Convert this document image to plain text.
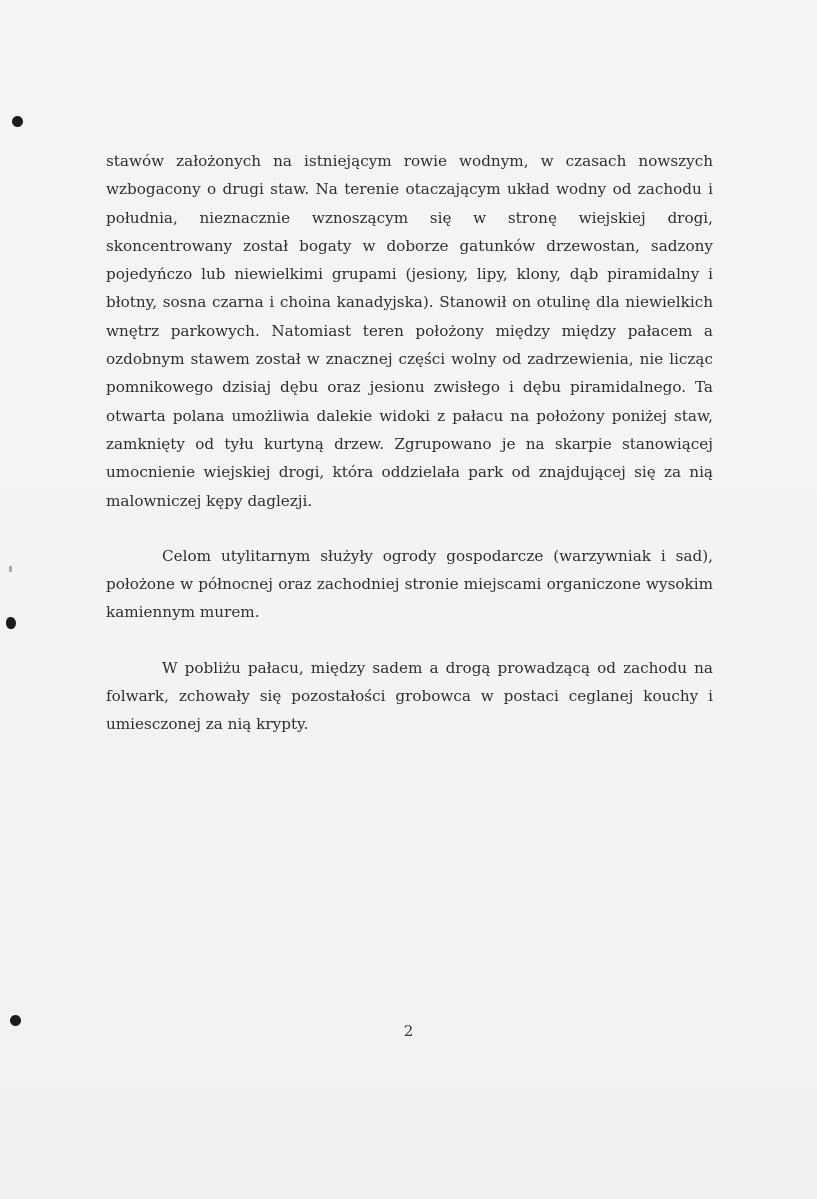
stawów założonych na istniejącym rowie wodnym, w czasach nowszych wzbogacony o drugi staw. Na terenie otaczającym układ wodny od zachodu i południa, nieznacznie wznoszącym się w stronę wiejskiej drogi, skoncentrowany został bogaty w doborze gatunków drzewostan, sadzony pojedyńczo lub niewielkimi grupami (jesiony, lipy, klony, dąb piramidalny i błotny, sosna czarna i choina kanadyjska). Stanowił on otulinę dla niewielkich wnętrz parkowych. Natomiast teren położony między między pałacem a ozdobnym stawem został w znacznej części wolny od zadrzewienia, nie licząc pomnikowego dzisiaj dębu oraz jesionu zwisłego i dębu piramidalnego. Ta otwarta polana umożliwia dalekie widoki z pałacu na położony poniżej staw, zamknięty od tyłu kurtyną drzew. Zgrupowano je na skarpie stanowiącej umocnienie wiejskiej drogi, która oddzielała park od znajdującej się za nią malowniczej kępy daglezji.

Celom utylitarnym służyły ogrody gospodarcze (warzywniak i sad), położone w północnej oraz zachodniej stronie miejscami organiczone wysokim kamiennym murem.

W pobliżu pałacu, między sadem a drogą prowadzącą od zachodu na folwark, zchowały się pozostałości grobowca w postaci ceglanej kouchy i umiesczonej za nią krypty.

2
